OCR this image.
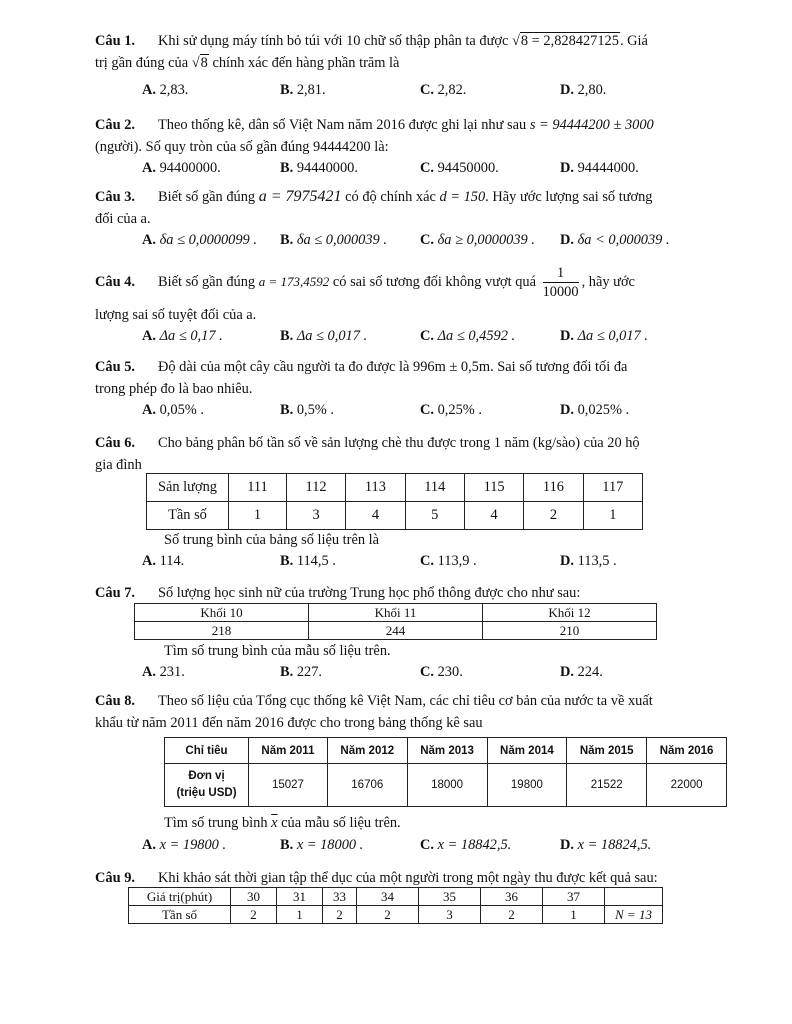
Câu 1. Khi sử dụng máy tính bỏ túi với 10 chữ số thập phân ta được √8 = 2,828427125. Giá
trị gần đúng của √8 chính xác đến hàng phần trăm là
A. 2,83.	B. 2,81.	C. 2,82.	D. 2,80.
Câu 2. Theo thống kê, dân số Việt Nam năm 2016 được ghi lại như sau s = 94444200 ± 3000
(người). Số quy tròn của số gần đúng 94444200 là:
A. 94400000.	B. 94440000.	C. 94450000.	D. 94444000.
Câu 3. Biết số gần đúng a = 7975421 có độ chính xác d = 150. Hãy ước lượng sai số tương
đối của a.
A. δa ≤ 0,0000099 . B. δa ≤ 0,000039 . C. δa ≥ 0,0000039 . D. δa < 0,000039 .
Câu 4. Biết số gần đúng a = 173,4592 có sai số tương đối không vượt quá $\frac{1}{10000}$ , hãy ước
lượng sai số tuyệt đối của a.
A. Δa ≤ 0,17 .	B. Δa ≤ 0,017 .	C. Δa ≤ 0,4592 .	D. Δa ≤ 0,017 .
Câu 5. Độ dài của một cây cầu người ta đo được là 996m ± 0,5m. Sai số tương đối tối đa
trong phép đo là bao nhiêu.
A. 0,05% .	B. 0,5% .	C. 0,25% .	D. 0,025% .
Câu 6. Cho bảng phân bố tần số về sản lượng chè thu được trong 1 năm (kg/sào) của 20 hộ
gia đình
Sản lượng	111	112	113	114	115	116	117
Tần số	1	3	4	5	4	2	1
Số trung bình của bảng số liệu trên là
A. 114.	B. 114,5 .	C. 113,9 .	D. 113,5 .
Câu 7. Số lượng học sinh nữ của trường Trung học phổ thông được cho như sau:
Khối 10	Khối 11	Khối 12
218	244	210
Tìm số trung bình của mẫu số liệu trên.
A. 231.	B. 227.	C. 230.	D. 224.
Câu 8. Theo số liệu của Tổng cục thống kê Việt Nam, các chỉ tiêu cơ bản của nước ta về xuất
khẩu từ năm 2011 đến năm 2016 được cho trong bảng thống kê sau
Chỉ tiêu	Năm 2011	Năm 2012	Năm 2013	Năm 2014	Năm 2015	Năm 2016
Đơn vị
(triệu USD)	15027	16706	18000	19800	21522	22000
Tìm số trung bình $\overline{x}$ của mẫu số liệu trên.
A. x = 19800 .	B. x = 18000 .	C. x = 18842,5.	D. x = 18824,5.
Câu 9. Khi khảo sát thời gian tập thể dục của một người trong một ngày thu được kết quả sau:
Giá trị(phút)	30	31	33	34	35	36	37	
Tần số	2	1	2	2	3	2	1	N = 13
